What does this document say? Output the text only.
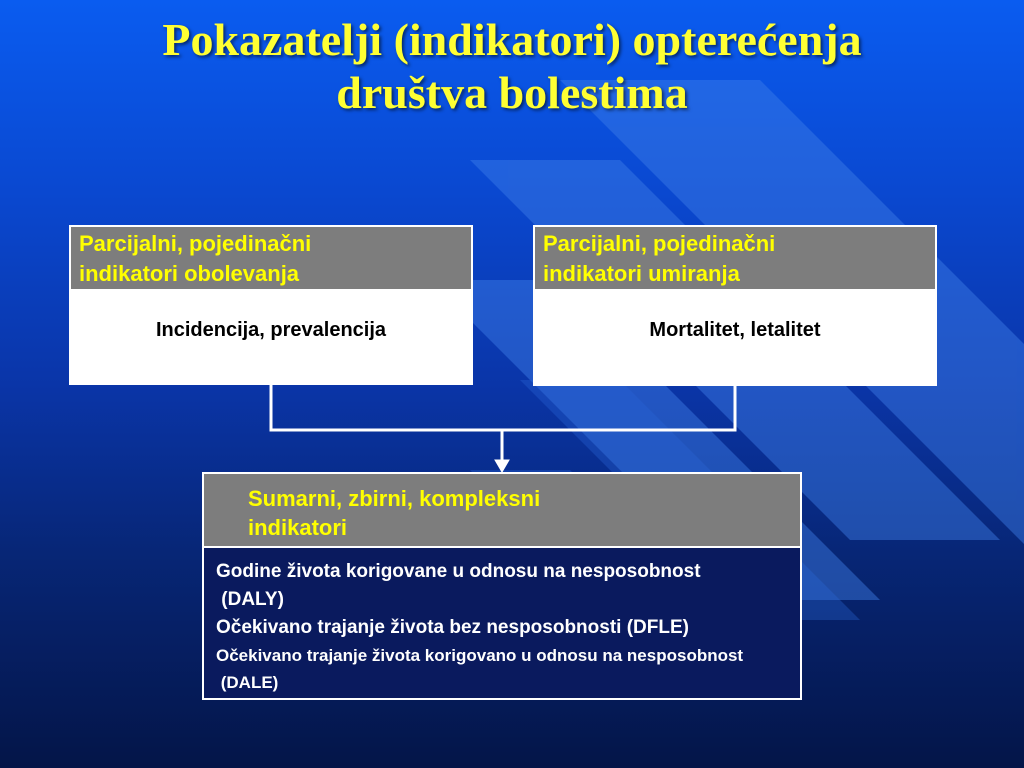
Pokazatelji (indikatori) opterećenja
društva bolestima
Parcijalni, pojedinačni
indikatori obolevanja
Incidencija, prevalencija
Parcijalni, pojedinačni
indikatori umiranja
Mortalitet, letalitet
Sumarni, zbirni, kompleksni
indikatori

Godine života korigovane u odnosu na nesposobnost

(DALY)

Očekivano trajanje života bez nesposobnosti (DFLE)

Očekivano trajanje života korigovano u odnosu na nesposobnost

(DALE)
